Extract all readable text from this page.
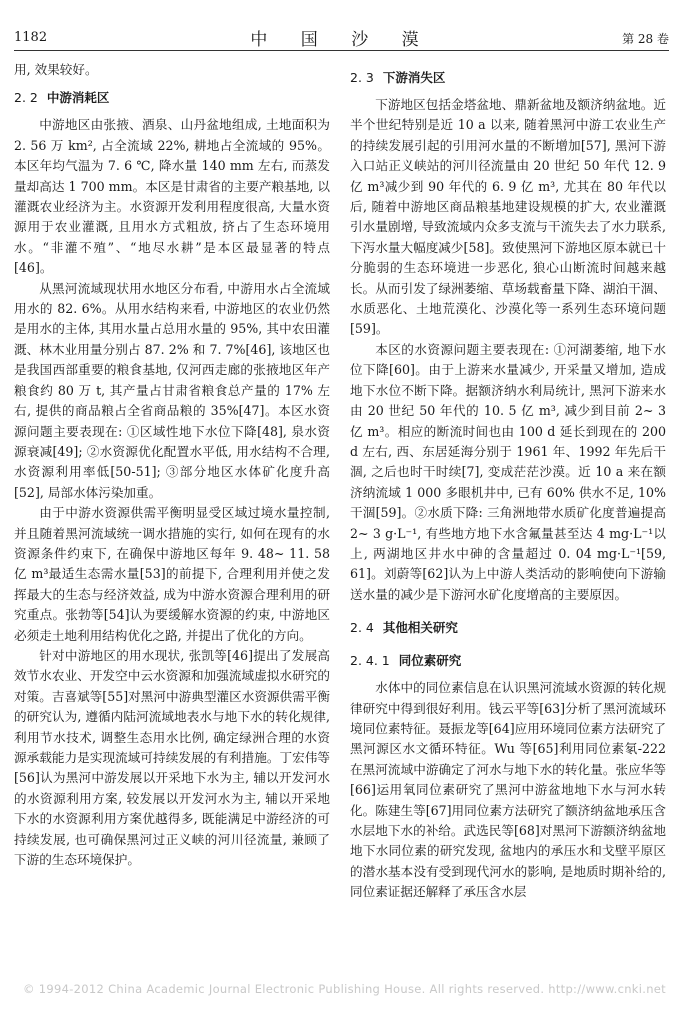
1182	中 国 沙 漠	第 28 卷

用, 效果较好。

2. 2 中游消耗区

中游地区由张掖、酒泉、山丹盆地组成, 土地面积为 2. 56 万 km², 占全流域 22%, 耕地占全流域的 95%。本区年均气温为 7. 6 ℃, 降水量 140 mm 左右, 而蒸发量却高达 1 700 mm。本区是甘肃省的主要产粮基地, 以灌溉农业经济为主。水资源开发利用程度很高, 大量水资源用于农业灌溉, 且用水方式粗放, 挤占了生态环境用水。“非灌不殖”、“地尽水耕”是本区最显著的特点[46]。

从黑河流域现状用水地区分布看, 中游用水占全流域用水的 82. 6%。从用水结构来看, 中游地区的农业仍然是用水的主体, 其用水量占总用水量的 95%, 其中农田灌溉、林木业用量分别占 87. 2% 和 7. 7%[46], 该地区也是我国西部重要的粮食基地, 仅河西走廊的张掖地区年产粮食约 80 万 t, 其产量占甘肃省粮食总产量的 17% 左右, 提供的商品粮占全省商品粮的 35%[47]。本区水资源问题主要表现在: ①区域性地下水位下降[48], 泉水资源衰减[49]; ②水资源优化配置水平低, 用水结构不合理, 水资源利用率低[50-51]; ③部分地区水体矿化度升高[52], 局部水体污染加重。

由于中游水资源供需平衡明显受区域过境水量控制, 并且随着黑河流域统一调水措施的实行, 如何在现有的水资源条件约束下, 在确保中游地区每年 9. 48~ 11. 58 亿 m³最适生态需水量[53]的前提下, 合理利用并使之发挥最大的生态与经济效益, 成为中游水资源合理利用的研究重点。张勃等[54]认为要缓解水资源的约束, 中游地区必须走土地利用结构优化之路, 并提出了优化的方向。

针对中游地区的用水现状, 张凯等[46]提出了发展高效节水农业、开发空中云水资源和加强流域虚拟水研究的对策。吉喜斌等[55]对黑河中游典型灌区水资源供需平衡的研究认为, 遵循内陆河流域地表水与地下水的转化规律, 利用节水技术, 调整生态用水比例, 确定绿洲合理的水资源承载能力是实现流域可持续发展的有利措施。丁宏伟等[56]认为黑河中游发展以开采地下水为主, 辅以开发河水的水资源利用方案, 较发展以开发河水为主, 辅以开采地下水的水资源利用方案优越得多, 既能满足中游经济的可持续发展, 也可确保黑河过正义峡的河川径流量, 兼顾了下游的生态环境保护。

2. 3 下游消失区

下游地区包括金塔盆地、鼎新盆地及额济纳盆地。近半个世纪特别是近 10 a 以来, 随着黑河中游工农业生产的持续发展引起的引用河水量的不断增加[57], 黑河下游入口站正义峡站的河川径流量由 20 世纪 50 年代 12. 9 亿 m³减少到 90 年代的 6. 9 亿 m³, 尤其在 80 年代以后, 随着中游地区商品粮基地建设规模的扩大, 农业灌溉引水量剧增, 导致流域内众多支流与干流失去了水力联系, 下泻水量大幅度减少[58]。致使黑河下游地区原本就已十分脆弱的生态环境进一步恶化, 狼心山断流时间越来越长。从而引发了绿洲萎缩、草场载畜量下降、湖泊干涸、水质恶化、土地荒漠化、沙漠化等一系列生态环境问题[59]。

本区的水资源问题主要表现在: ①河湖萎缩, 地下水位下降[60]。由于上游来水量减少, 开采量又增加, 造成地下水位不断下降。据额济纳水利局统计, 黑河下游来水由 20 世纪 50 年代的 10. 5 亿 m³, 减少到目前 2~ 3 亿 m³。相应的断流时间也由 100 d 延长到现在的 200 d 左右, 西、东居延海分别于 1961 年、1992 年先后干涸, 之后也时干时续[7], 变成茫茫沙漠。近 10 a 来在额济纳流域 1 000 多眼机井中, 已有 60% 供水不足, 10% 干涸[59]。②水质下降: 三角洲地带水质矿化度普遍提高 2~ 3 g·L⁻¹, 有些地方地下水含氟量甚至达 4 mg·L⁻¹以上, 两湖地区井水中砷的含量超过 0. 04 mg·L⁻¹[59, 61]。刘蔚等[62]认为上中游人类活动的影响使向下游输送水量的减少是下游河水矿化度增高的主要原因。

2. 4 其他相关研究
2. 4. 1 同位素研究

水体中的同位素信息在认识黑河流域水资源的转化规律研究中得到很好利用。钱云平等[63]分析了黑河流域环境同位素特征。聂振龙等[64]应用环境同位素方法研究了黑河源区水文循环特征。Wu 等[65]利用同位素氡-222 在黑河流域中游确定了河水与地下水的转化量。张应华等[66]运用氧同位素研究了黑河中游盆地地下水与河水转化。陈建生等[67]用同位素方法研究了额济纳盆地承压含水层地下水的补给。武选民等[68]对黑河下游额济纳盆地地下水同位素的研究发现, 盆地内的承压水和戈壁平原区的潜水基本没有受到现代河水的影响, 是地质时期补给的, 同位素证据还解释了承压含水层

© 1994-2012 China Academic Journal Electronic Publishing House. All rights reserved. http://www.cnki.net
